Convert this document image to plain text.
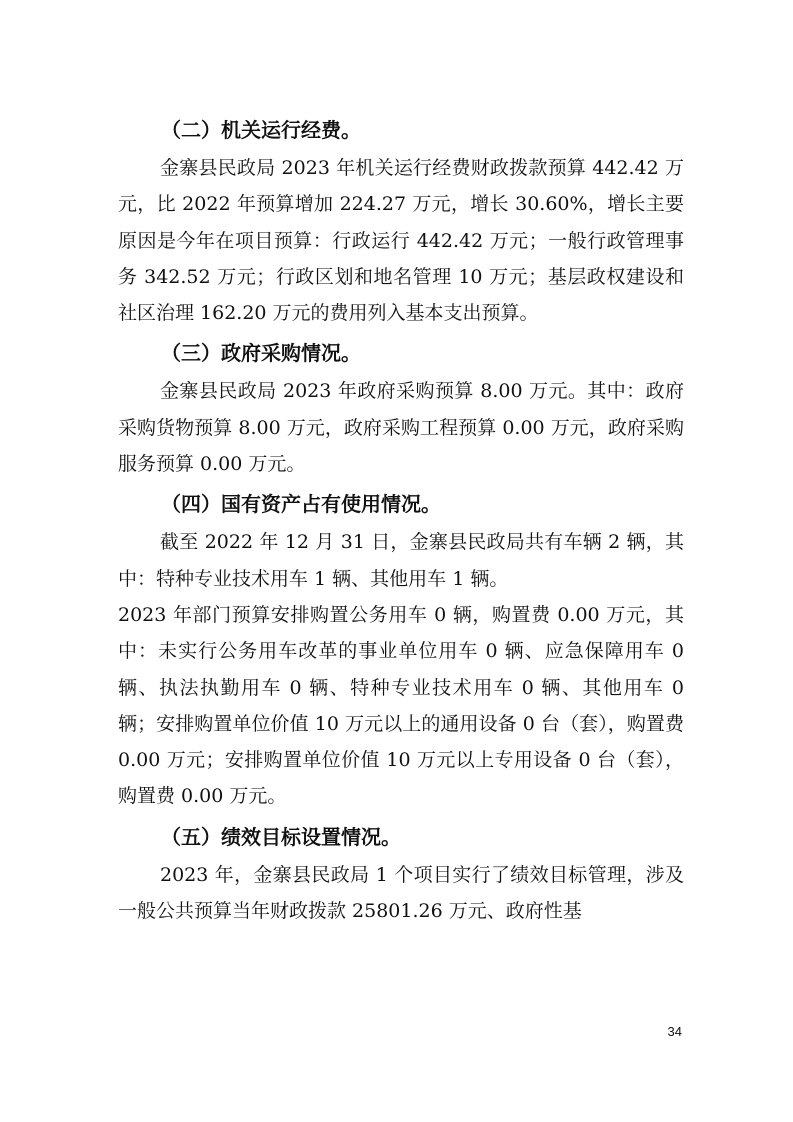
（二）机关运行经费。

金寨县民政局 2023 年机关运行经费财政拨款预算 442.42 万元，比 2022 年预算增加 224.27 万元，增长 30.60%，增长主要原因是今年在项目预算：行政运行 442.42 万元；一般行政管理事务 342.52 万元；行政区划和地名管理 10 万元；基层政权建设和社区治理 162.20 万元的费用列入基本支出预算。

（三）政府采购情况。

金寨县民政局 2023 年政府采购预算 8.00 万元。其中：政府采购货物预算 8.00 万元，政府采购工程预算 0.00 万元，政府采购服务预算 0.00 万元。

（四）国有资产占有使用情况。

截至 2022 年 12 月 31 日，金寨县民政局共有车辆 2 辆，其中：特种专业技术用车 1 辆、其他用车 1 辆。

2023 年部门预算安排购置公务用车 0 辆，购置费 0.00 万元，其中：未实行公务用车改革的事业单位用车 0 辆、应急保障用车 0 辆、执法执勤用车 0 辆、特种专业技术用车 0 辆、其他用车 0 辆；安排购置单位价值 10 万元以上的通用设备 0 台（套），购置费 0.00 万元；安排购置单位价值 10 万元以上专用设备 0 台（套），购置费 0.00 万元。

（五）绩效目标设置情况。

2023 年，金寨县民政局 1 个项目实行了绩效目标管理，涉及一般公共预算当年财政拨款 25801.26 万元、政府性基

34
